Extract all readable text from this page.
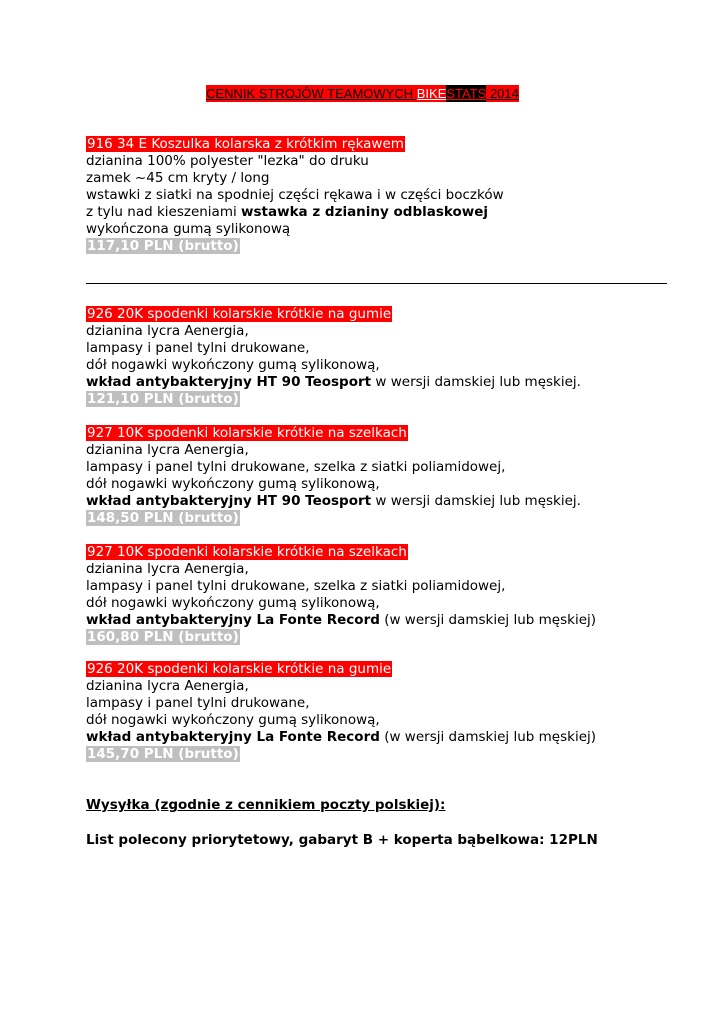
CENNIK STROJÓW TEAMOWYCH BIKESTATS 2014
916 34 E Koszulka kolarska z krótkim rękawem
dzianina 100% polyester "lezka" do druku
zamek ~45 cm kryty / long
wstawki z siatki na spodniej części rękawa i w części boczków
z tylu nad kieszeniami wstawka z dzianiny odblaskowej
wykończona gumą sylikonową
117,10 PLN (brutto)
926 20K spodenki kolarskie krótkie na gumie
dzianina lycra Aenergia,
lampasy i panel tylni drukowane,
dół nogawki wykończony gumą sylikonową,
wkład antybakteryjny HT 90 Teosport w wersji damskiej lub męskiej.
121,10 PLN (brutto)
927 10K spodenki kolarskie krótkie na szelkach
dzianina lycra Aenergia,
lampasy i panel tylni drukowane, szelka z siatki poliamidowej,
dół nogawki wykończony gumą sylikonową,
wkład antybakteryjny HT 90 Teosport w wersji damskiej lub męskiej.
148,50 PLN (brutto)
927 10K spodenki kolarskie krótkie na szelkach
dzianina lycra Aenergia,
lampasy i panel tylni drukowane, szelka z siatki poliamidowej,
dół nogawki wykończony gumą sylikonową,
wkład antybakteryjny La Fonte Record (w wersji damskiej lub męskiej)
160,80 PLN (brutto)
926 20K spodenki kolarskie krótkie na gumie
dzianina lycra Aenergia,
lampasy i panel tylni drukowane,
dół nogawki wykończony gumą sylikonową,
wkład antybakteryjny La Fonte Record (w wersji damskiej lub męskiej)
145,70 PLN (brutto)
Wysyłka (zgodnie z cennikiem poczty polskiej):
List polecony priorytetowy, gabaryt B + koperta bąbelkowa: 12PLN
